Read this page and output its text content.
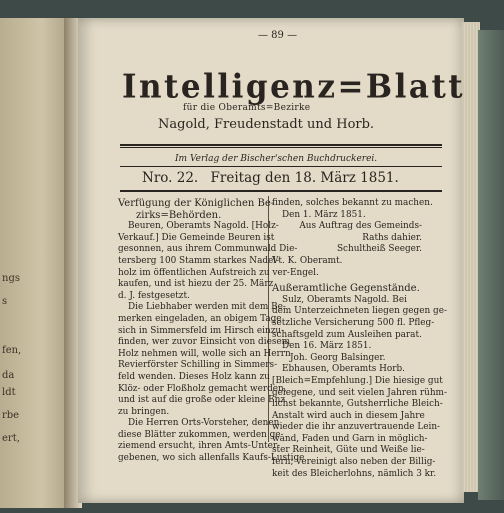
ngs
s
fen,
da
ldt
rbe
ert,
— 89 —
Intelligenz=Blatt
für die Oberamts=Bezirke
Nagold, Freudenstadt und Horb.
Im Verlag der Bischer'schen Buchdruckerei.
Nro. 22. Freitag den 18. März 1851.
Verfügung der Königlichen Be-
zirks=Behörden.
Beuren, Oberamts Nagold. [Holz-
Verkauf.] Die Gemeinde Beuren ist
gesonnen, aus ihrem Communwald Die-
tersberg 100 Stamm starkes Nadel-
holz im öffentlichen Aufstreich zu ver-
kaufen, und ist hiezu der 25. März
d. J. festgesetzt.
Die Liebhaber werden mit dem Be-
merken eingeladen, an obigem Tage
sich in Simmersfeld im Hirsch einzu-
finden, wer zuvor Einsicht von diesem
Holz nehmen will, wolle sich an Herrn
Revierförster Schilling in Simmers-
feld wenden. Dieses Holz kann zu
Klöz- oder Floßholz gemacht werden,
und ist auf die große oder kleine Enz
zu bringen.
Die Herren Orts-Vorsteher, denen
diese Blätter zukommen, werden ge-
ziemend ersucht, ihren Amts-Unter-
gebenen, wo sich allenfalls Kaufs-Lustige
finden, solches bekannt zu machen.
Den 1. März 1851.
Aus Auftrag des Gemeinds-
Raths dahier.
Schultheiß Seeger.
Vt. K. Oberamt.
Engel.
Außeramtliche Gegenstände.
Sulz, Oberamts Nagold. Bei
dem Unterzeichneten liegen gegen ge-
setzliche Versicherung 500 fl. Pfleg-
schaftsgeld zum Ausleihen parat.
Den 16. März 1851.
Joh. Georg Balsinger.
Ebhausen, Oberamts Horb.
[Bleich=Empfehlung.] Die hiesige gut
gelegene, und seit vielen Jahren rühm-
lichst bekannte, Gutsherrliche Bleich-
Anstalt wird auch in diesem Jahre
wieder die ihr anzuvertrauende Lein-
wand, Faden und Garn in möglich-
ster Reinheit, Güte und Weiße lie-
fern; vereinigt also neben der Billig-
keit des Bleicherlohns, nämlich 3 kr.
